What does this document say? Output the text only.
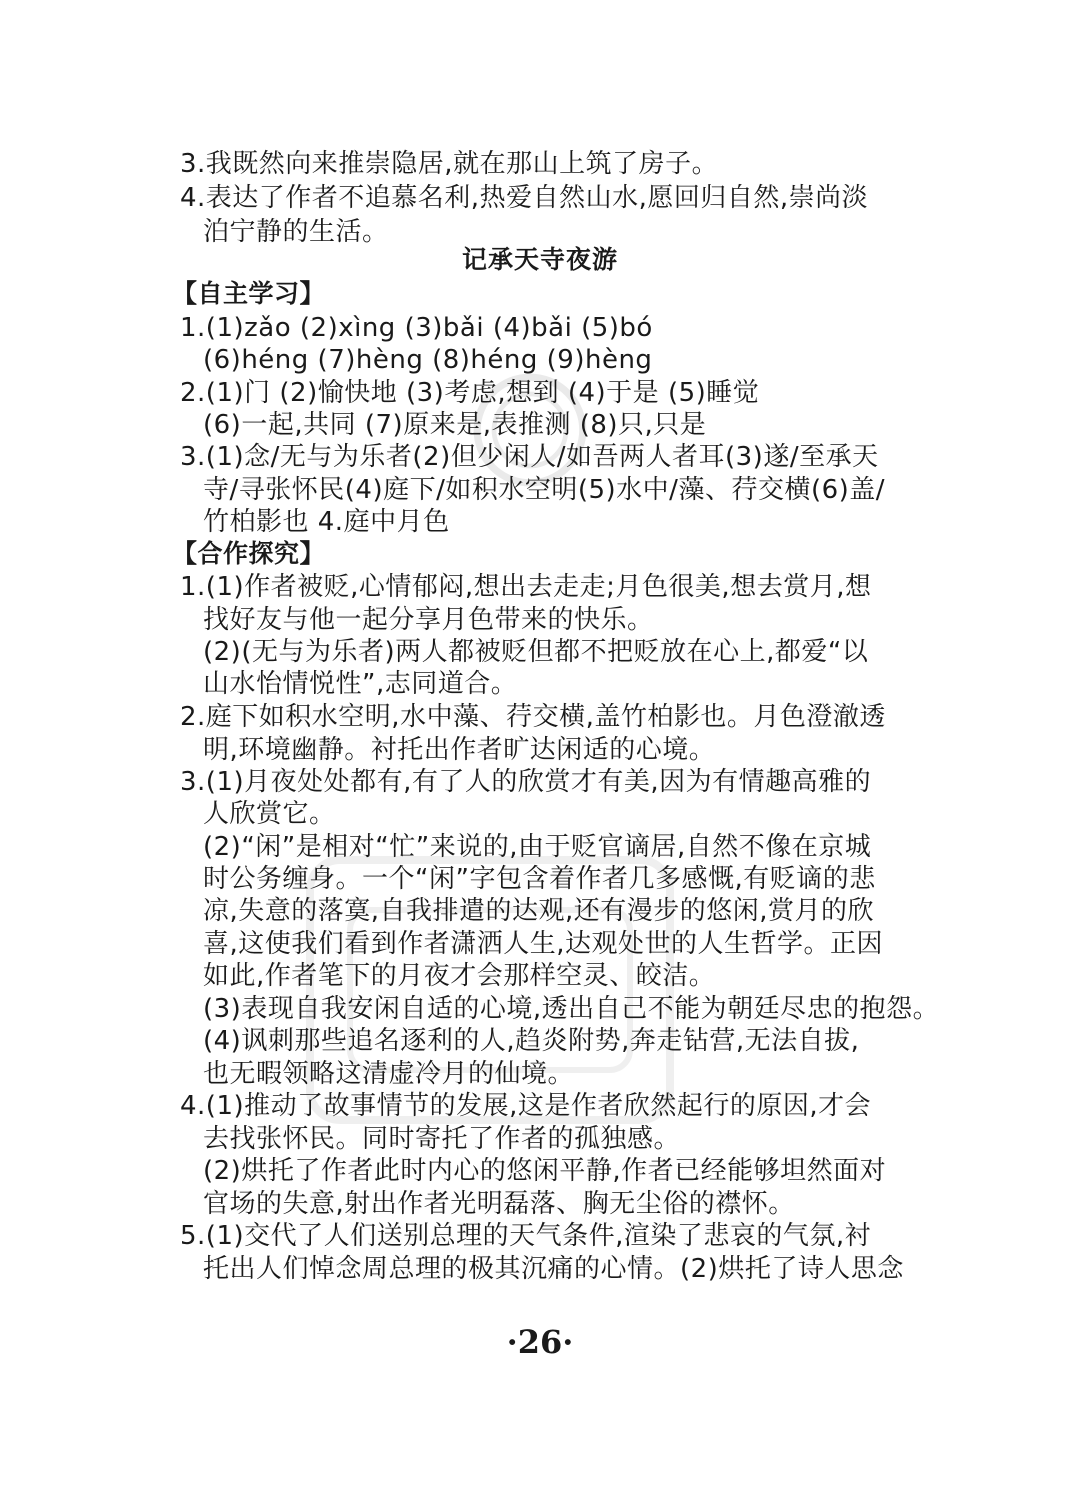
3.我既然向来推崇隐居,就在那山上筑了房子。
4.表达了作者不追慕名利,热爱自然山水,愿回归自然,崇尚淡
泊宁静的生活。
记承天寺夜游
【自主学习】
1.(1)zǎo (2)xìng (3)bǎi (4)bǎi (5)bó
(6)héng (7)hèng (8)héng (9)hèng
2.(1)门 (2)愉快地 (3)考虑,想到 (4)于是 (5)睡觉
(6)一起,共同 (7)原来是,表推测 (8)只,只是
3.(1)念/无与为乐者(2)但少闲人/如吾两人者耳(3)遂/至承天
寺/寻张怀民(4)庭下/如积水空明(5)水中/藻、荇交横(6)盖/
竹柏影也 4.庭中月色
【合作探究】
1.(1)作者被贬,心情郁闷,想出去走走;月色很美,想去赏月,想
找好友与他一起分享月色带来的快乐。
(2)(无与为乐者)两人都被贬但都不把贬放在心上,都爱“以
山水怡情悦性”,志同道合。
2.庭下如积水空明,水中藻、荇交横,盖竹柏影也。月色澄澈透
明,环境幽静。衬托出作者旷达闲适的心境。
3.(1)月夜处处都有,有了人的欣赏才有美,因为有情趣高雅的
人欣赏它。
(2)“闲”是相对“忙”来说的,由于贬官谪居,自然不像在京城
时公务缠身。一个“闲”字包含着作者几多感慨,有贬谪的悲
凉,失意的落寞,自我排遣的达观,还有漫步的悠闲,赏月的欣
喜,这使我们看到作者潇洒人生,达观处世的人生哲学。正因
如此,作者笔下的月夜才会那样空灵、皎洁。
(3)表现自我安闲自适的心境,透出自己不能为朝廷尽忠的抱怨。
(4)讽刺那些追名逐利的人,趋炎附势,奔走钻营,无法自拔,
也无暇领略这清虚冷月的仙境。
4.(1)推动了故事情节的发展,这是作者欣然起行的原因,才会
去找张怀民。同时寄托了作者的孤独感。
(2)烘托了作者此时内心的悠闲平静,作者已经能够坦然面对
官场的失意,射出作者光明磊落、胸无尘俗的襟怀。
5.(1)交代了人们送别总理的天气条件,渲染了悲哀的气氛,衬
托出人们悼念周总理的极其沉痛的心情。(2)烘托了诗人思念
·26·
